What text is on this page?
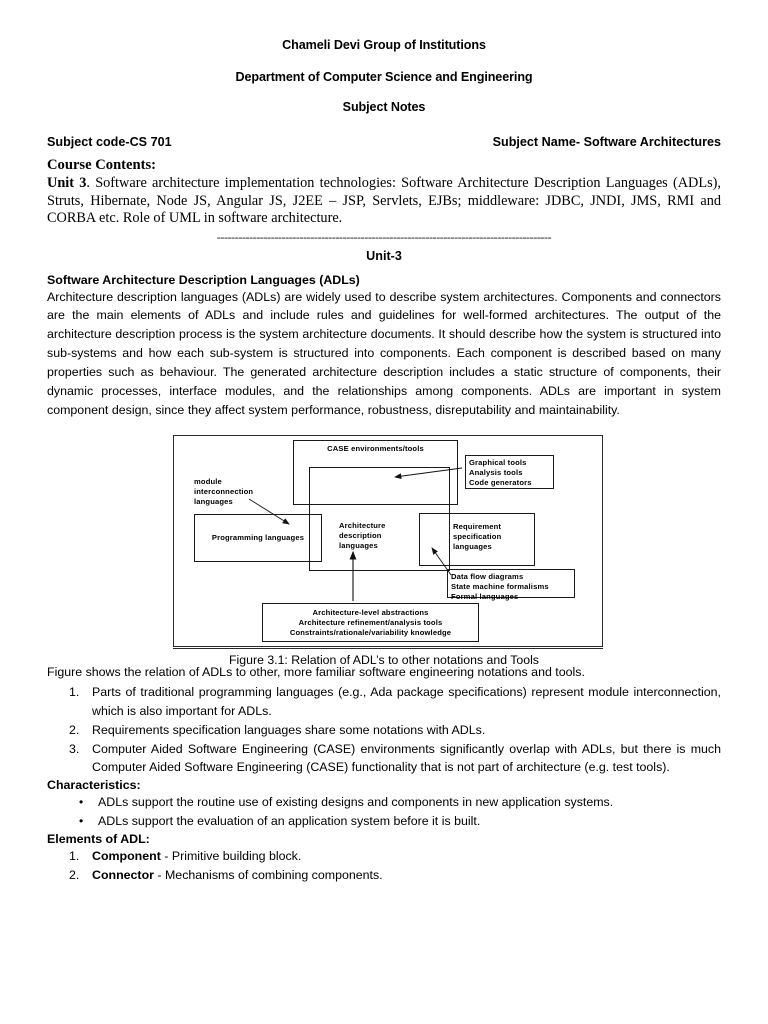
Chameli Devi Group of Institutions
Department of Computer Science and Engineering
Subject Notes
Subject code-CS 701	Subject Name- Software Architectures
Course Contents:

Unit 3. Software architecture implementation technologies: Software Architecture Description Languages (ADLs), Struts, Hibernate, Node JS, Angular JS, J2EE – JSP, Servlets, EJBs; middleware: JDBC, JNDI, JMS, RMI and CORBA etc. Role of UML in software architecture.

---------------------------------------------------------------------------------------------
Unit-3
Software Architecture Description Languages (ADLs)

Architecture description languages (ADLs) are widely used to describe system architectures. Components and connectors are the main elements of ADLs and include rules and guidelines for well-formed architectures. The output of the architecture description process is the system architecture documents. It should describe how the system is structured into sub-systems and how each sub-system is structured into components. Each component is described based on many properties such as behaviour. The generated architecture description includes a static structure of components, their dynamic processes, interface modules, and the relationships among components. ADLs are important in system component design, since they affect system performance, robustness, disreputability and maintainability.

CASE environments/tools
Architecture
description
languages
module
interconnection
languages
Programming languages
Graphical tools
Analysis tools
Code generators
Requirement
specification
languages
Data flow diagrams
State machine formalisms
Formal languages
Architecture-level abstractions
Architecture refinement/analysis tools
Constraints/rationale/variability knowledge
Figure 3.1: Relation of ADL’s to other notations and Tools

Figure shows the relation of ADLs to other, more familiar software engineering notations and tools.

1.	Parts of traditional programming languages (e.g., Ada package specifications) represent module interconnection, which is also important for ADLs.
2.	Requirements specification languages share some notations with ADLs.
3.	Computer Aided Software Engineering (CASE) environments significantly overlap with ADLs, but there is much Computer Aided Software Engineering (CASE) functionality that is not part of architecture (e.g. test tools).
Characteristics:
• ADLs support the routine use of existing designs and components in new application systems.
• ADLs support the evaluation of an application system before it is built.
Elements of ADL:
1.	Component - Primitive building block.
2.	Connector - Mechanisms of combining components.
